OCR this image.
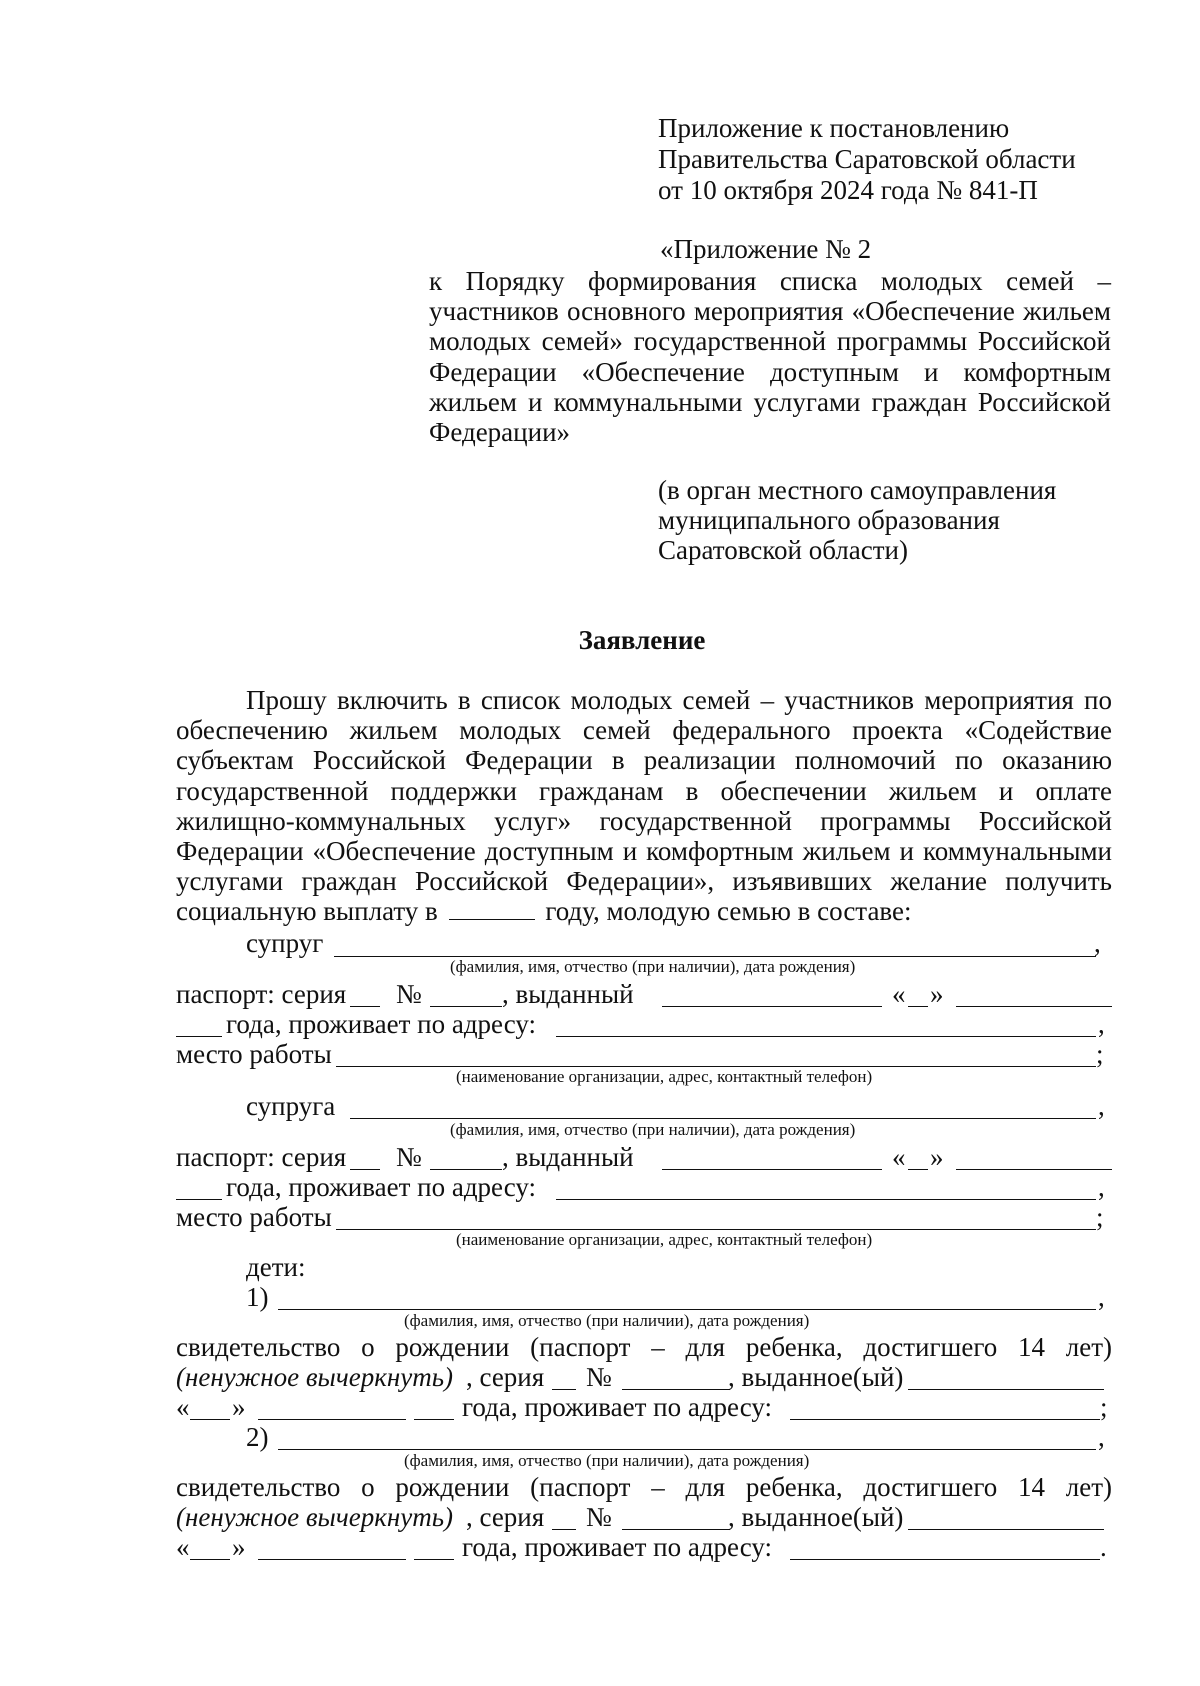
Приложение к постановлению
Правительства Саратовской области
от 10 октября 2024 года № 841-П
«Приложение № 2
к Порядку формирования списка молодых семей – участников основного мероприятия «Обеспечение жильем молодых семей» государственной программы Российской Федерации «Обеспечение доступным и комфортным жильем и коммунальными услугами граждан Российской Федерации»
(в орган местного самоуправления
муниципального образования
Саратовской области)
Заявление
Прошу включить в список молодых семей – участников мероприятия по обеспечению жильем молодых семей федерального проекта «Содействие субъектам Российской Федерации в реализации полномочий по оказанию государственной поддержки гражданам в обеспечении жильем и оплате жилищно-коммунальных услуг» государственной программы Российской Федерации «Обеспечение доступным и комфортным жильем и коммунальными услугами граждан Российской Федерации», изъявивших желание получить социальную выплату в	году, молодую семью в составе:
супруг	,
(фамилия, имя, отчество (при наличии), дата рождения)
паспорт: серия №	, выданный	« »
года, проживает по адресу:	,
место работы	;
(наименование организации, адрес, контактный телефон)
супруга	,
(фамилия, имя, отчество (при наличии), дата рождения)
паспорт: серия №	, выданный	« »
года, проживает по адресу:	,
место работы	;
(наименование организации, адрес, контактный телефон)
дети:
1)	,
(фамилия, имя, отчество (при наличии), дата рождения)
свидетельство о рождении (паспорт – для ребенка, достигшего 14 лет)
(ненужное вычеркнуть) , серия №	, выданное(ый)
« »	года, проживает по адресу:	;
2)	,
(фамилия, имя, отчество (при наличии), дата рождения)
свидетельство о рождении (паспорт – для ребенка, достигшего 14 лет)
(ненужное вычеркнуть) , серия №	, выданное(ый)
« »	года, проживает по адресу:	.
